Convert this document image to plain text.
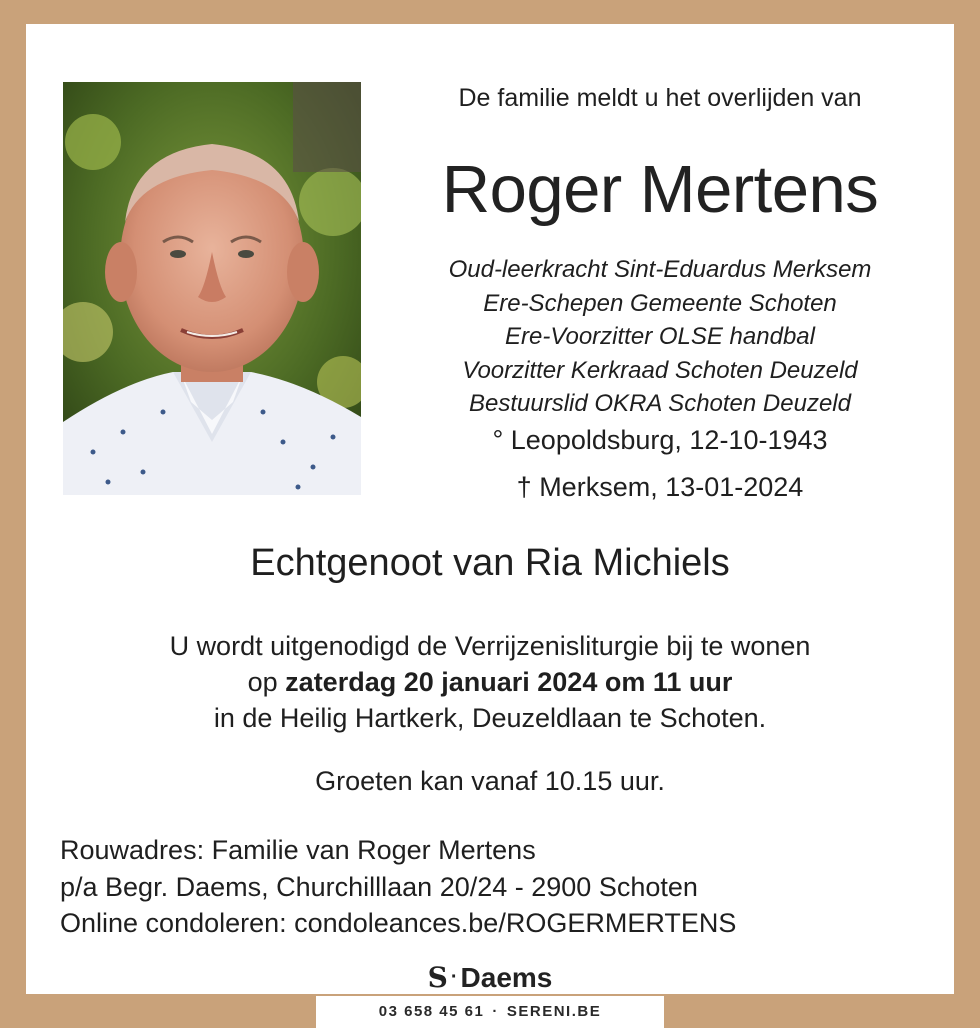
De familie meldt u het overlijden van
Roger Mertens
Oud-leerkracht Sint-Eduardus Merksem
Ere-Schepen Gemeente Schoten
Ere-Voorzitter OLSE handbal
Voorzitter Kerkraad Schoten Deuzeld
Bestuurslid OKRA Schoten Deuzeld
° Leopoldsburg, 12-10-1943
† Merksem, 13-01-2024
Echtgenoot van Ria Michiels
U wordt uitgenodigd de Verrijzenisliturgie bij te wonen
op zaterdag 20 januari 2024 om 11 uur
in de Heilig Hartkerk, Deuzeldlaan te Schoten.
Groeten kan vanaf 10.15 uur.
Rouwadres: Familie van Roger Mertens
p/a Begr. Daems, Churchilllaan 20/24 - 2900 Schoten
Online condoleren: condoleances.be/ROGERMERTENS
S · Daems
03 658 45 61 · SERENI.BE
